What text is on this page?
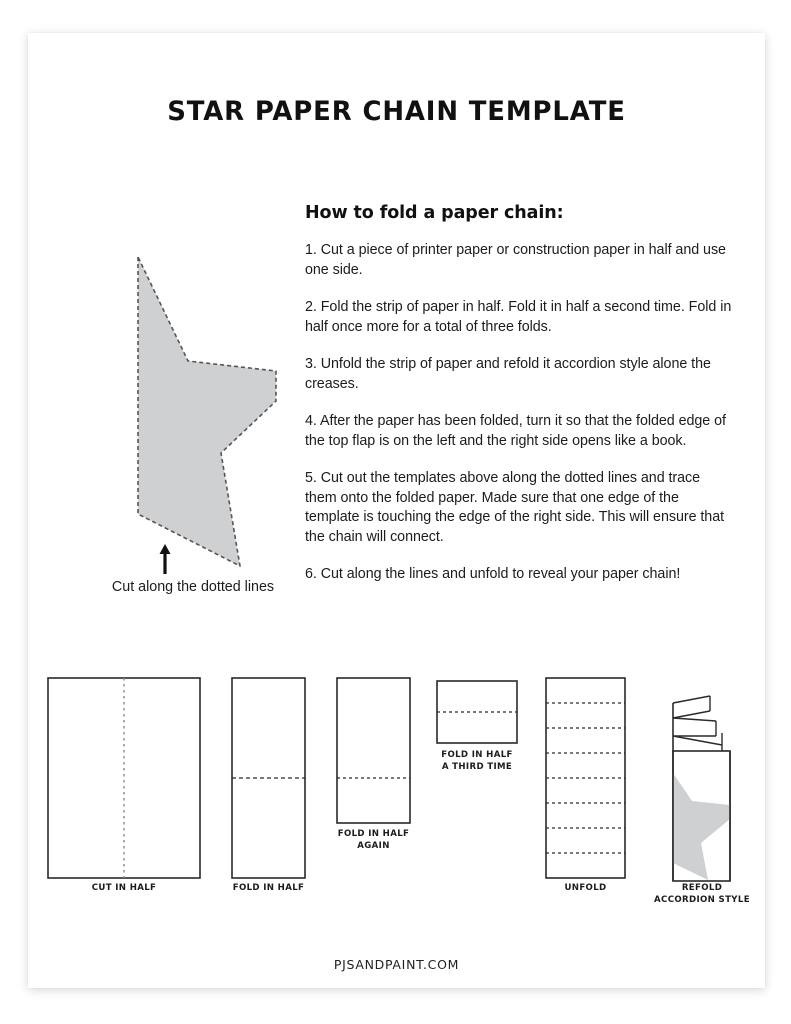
STAR PAPER CHAIN TEMPLATE
Cut along the dotted lines
How to fold a paper chain:

1. Cut a piece of printer paper or construction paper in half and use one side.

2. Fold the strip of paper in half. Fold it in half a second time. Fold in half once more for a total of three folds.

3. Unfold the strip of paper and refold it accordion style alone the creases.

4. After the paper has been folded, turn it so that the folded edge of the top flap is on the left and the right side opens like a book.

5. Cut out the templates above along the dotted lines and trace them onto the folded paper. Made sure that one edge of the template is touching the edge of the right side. This will ensure that the chain will connect.

6. Cut along the lines and unfold to reveal your paper chain!

CUT IN HALF	FOLD IN HALF
FOLD IN HALF
AGAIN
FOLD IN HALF
A THIRD TIME
UNFOLD	REFOLD
ACCORDION STYLE
PJSANDPAINT.COM
